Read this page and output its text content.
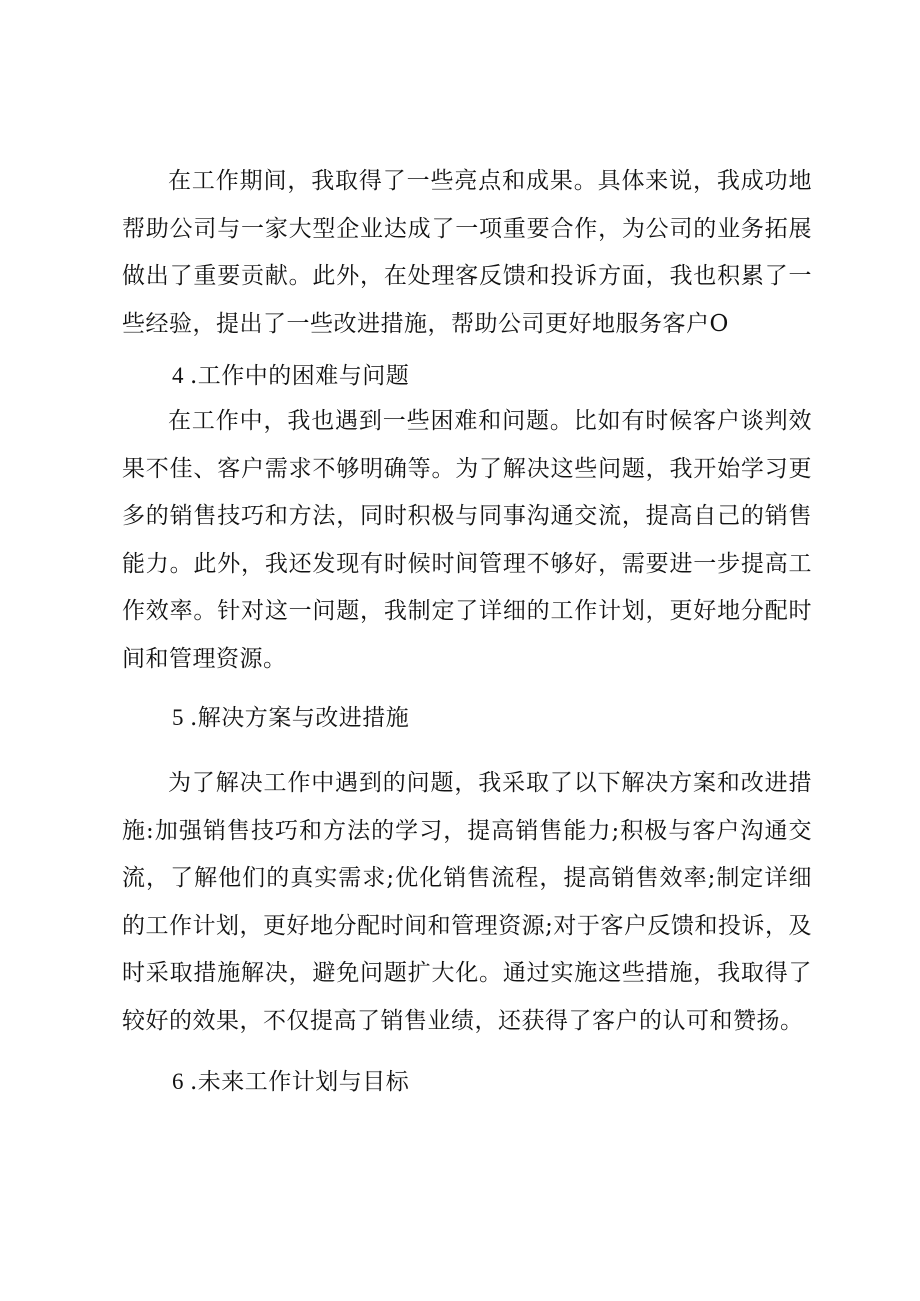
在工作期间，我取得了一些亮点和成果。具体来说，我成功地帮助公司与一家大型企业达成了一项重要合作，为公司的业务拓展做出了重要贡献。此外，在处理客反馈和投诉方面，我也积累了一些经验，提出了一些改进措施，帮助公司更好地服务客户O

4 .工作中的困难与问题

在工作中，我也遇到一些困难和问题。比如有时候客户谈判效果不佳、客户需求不够明确等。为了解决这些问题，我开始学习更多的销售技巧和方法，同时积极与同事沟通交流，提高自己的销售能力。此外，我还发现有时候时间管理不够好，需要进一步提高工作效率。针对这一问题，我制定了详细的工作计划，更好地分配时间和管理资源。

5 .解决方案与改进措施

为了解决工作中遇到的问题，我采取了以下解决方案和改进措施:加强销售技巧和方法的学习，提高销售能力;积极与客户沟通交流，了解他们的真实需求;优化销售流程，提高销售效率;制定详细的工作计划，更好地分配时间和管理资源;对于客户反馈和投诉，及时采取措施解决，避免问题扩大化。通过实施这些措施，我取得了较好的效果，不仅提高了销售业绩，还获得了客户的认可和赞扬。

6 .未来工作计划与目标
